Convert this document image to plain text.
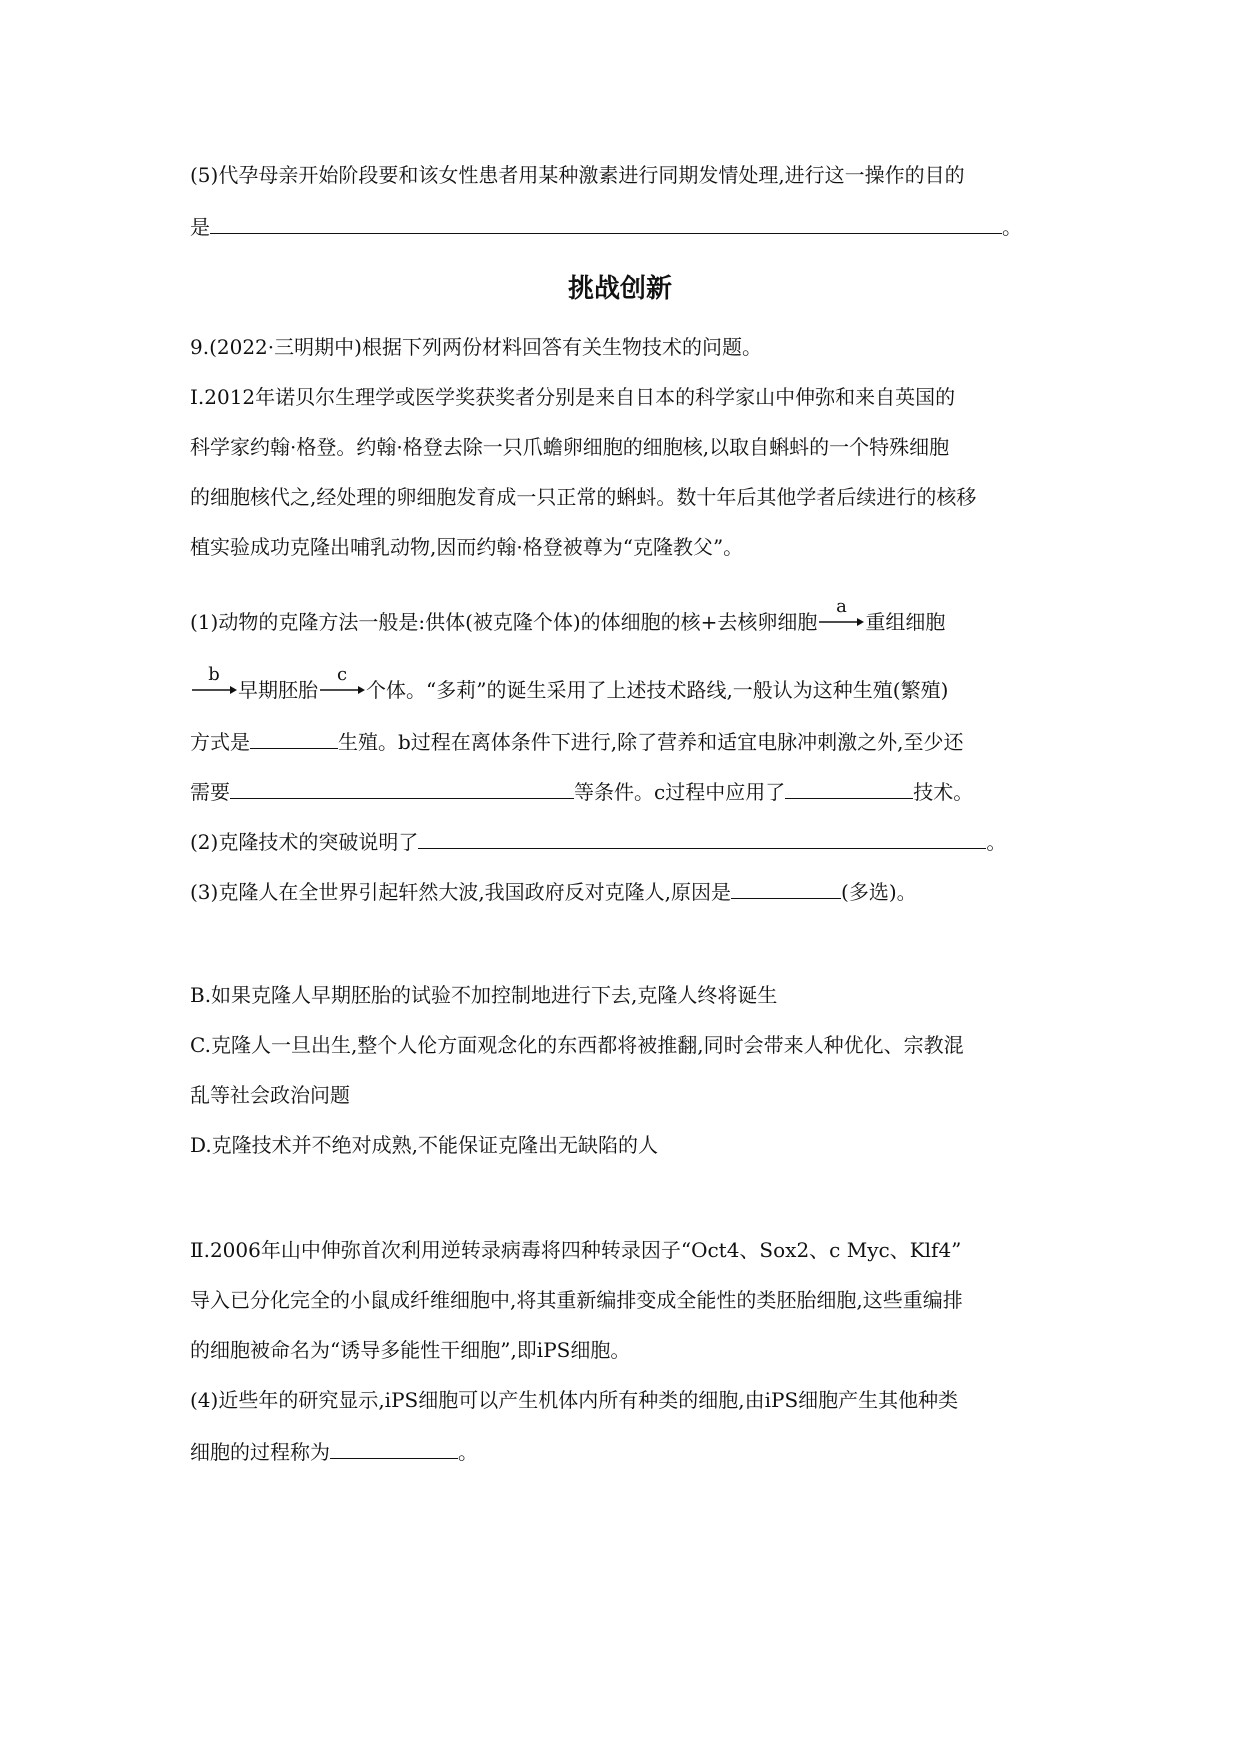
(5)代孕母亲开始阶段要和该女性患者用某种激素进行同期发情处理,进行这一操作的目的
是	。
挑战创新
9.(2022·三明期中)根据下列两份材料回答有关生物技术的问题。
Ⅰ.2012年诺贝尔生理学或医学奖获奖者分别是来自日本的科学家山中伸弥和来自英国的
科学家约翰·格登。约翰·格登去除一只爪蟾卵细胞的细胞核,以取自蝌蚪的一个特殊细胞
的细胞核代之,经处理的卵细胞发育成一只正常的蝌蚪。数十年后其他学者后续进行的核移
植实验成功克隆出哺乳动物,因而约翰·格登被尊为“克隆教父”。
(1)动物的克隆方法一般是:供体(被克隆个体)的体细胞的核+去核卵细胞
a
重组细胞
b
早期胚胎
c
个体。“多莉”的诞生采用了上述技术路线,一般认为这种生殖(繁殖)
方式是	生殖。b过程在离体条件下进行,除了营养和适宜电脉冲刺激之外,至少还
需要	等条件。c过程中应用了	技术。
(2)克隆技术的突破说明了	。
(3)克隆人在全世界引起轩然大波,我国政府反对克隆人,原因是	(多选)。
B.如果克隆人早期胚胎的试验不加控制地进行下去,克隆人终将诞生
C.克隆人一旦出生,整个人伦方面观念化的东西都将被推翻,同时会带来人种优化、宗教混
乱等社会政治问题
D.克隆技术并不绝对成熟,不能保证克隆出无缺陷的人
Ⅱ.2006年山中伸弥首次利用逆转录病毒将四种转录因子“Oct4、Sox2、c Myc、Klf4”
导入已分化完全的小鼠成纤维细胞中,将其重新编排变成全能性的类胚胎细胞,这些重编排
的细胞被命名为“诱导多能性干细胞”,即iPS细胞。
(4)近些年的研究显示,iPS细胞可以产生机体内所有种类的细胞,由iPS细胞产生其他种类
细胞的过程称为	。
